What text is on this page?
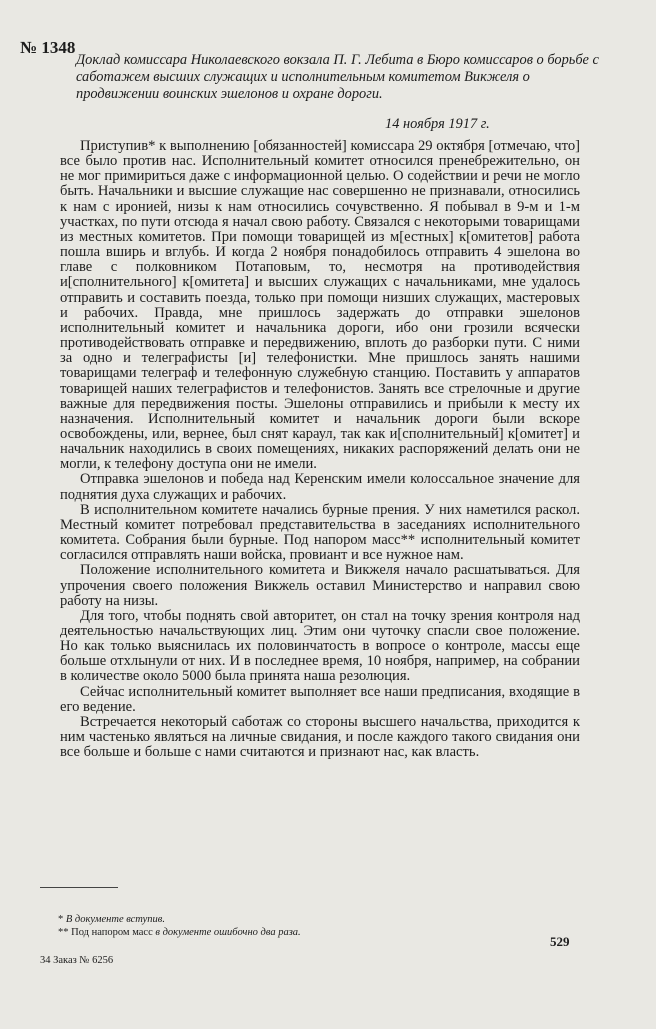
№ 1348
Доклад комиссара Николаевского вокзала П. Г. Лебита в Бюро комиссаров о борьбе с саботажем высших служащих и исполнительным комитетом Викжеля о продвижении воинских эшелонов и охране дороги.
14 ноября 1917 г.

Приступив* к выполнению [обязанностей] комиссара 29 октября [отмечаю, что] все было против нас. Исполнительный комитет относился пренебрежительно, он не мог примириться даже с информационной целью. О содействии и речи не могло быть. Начальники и высшие служащие нас совершенно не признавали, относились к нам с иронией, низы к нам относились сочувственно. Я побывал в 9-м и 1-м участках, по пути отсюда я начал свою работу. Связался с некоторыми товарищами из местных комитетов. При помощи товарищей из м[естных] к[омитетов] работа пошла вширь и вглубь. И когда 2 ноября понадобилось отправить 4 эшелона во главе с полковником Потаповым, то, несмотря на противодействия и[сполнительного] к[омитета] и высших служащих с начальниками, мне удалось отправить и составить поезда, только при помощи низших служащих, мастеровых и рабочих. Правда, мне пришлось задержать до отправки эшелонов исполнительный комитет и начальника дороги, ибо они грозили всячески противодействовать отправке и передвижению, вплоть до разборки пути. С ними за одно и телеграфисты [и] телефонистки. Мне пришлось занять нашими товарищами телеграф и телефонную служебную станцию. Поставить у аппаратов товарищей наших телеграфистов и телефонистов. Занять все стрелочные и другие важные для передвижения посты. Эшелоны отправились и прибыли к месту их назначения. Исполнительный комитет и начальник дороги были вскоре освобождены, или, вернее, был снят караул, так как и[сполнительный] к[омитет] и начальник находились в своих помещениях, никаких распоряжений делать они не могли, к телефону доступа они не имели.

Отправка эшелонов и победа над Керенским имели колоссальное значение для поднятия духа служащих и рабочих.

В исполнительном комитете начались бурные прения. У них наметился раскол. Местный комитет потребовал представительства в заседаниях исполнительного комитета. Собрания были бурные. Под напором масс** исполнительный комитет согласился отправлять наши войска, провиант и все нужное нам.

Положение исполнительного комитета и Викжеля начало расшатываться. Для упрочения своего положения Викжель оставил Министерство и направил свою работу на низы.

Для того, чтобы поднять свой авторитет, он стал на точку зрения контроля над деятельностью начальствующих лиц. Этим они чуточку спасли свое положение. Но как только выяснилась их половинчатость в вопросе о контроле, массы еще больше отхлынули от них. И в последнее время, 10 ноября, например, на собрании в количестве около 5000 была принята наша резолюция.

Сейчас исполнительный комитет выполняет все наши предписания, входящие в его ведение.

Встречается некоторый саботаж со стороны высшего начальства, приходится к ним частенько являться на личные свидания, и после каждого такого свидания они все больше и больше с нами считаются и признают нас, как власть.

* В документе вступив.
** Под напором масс в документе ошибочно два раза.
529
34 Заказ № 6256
